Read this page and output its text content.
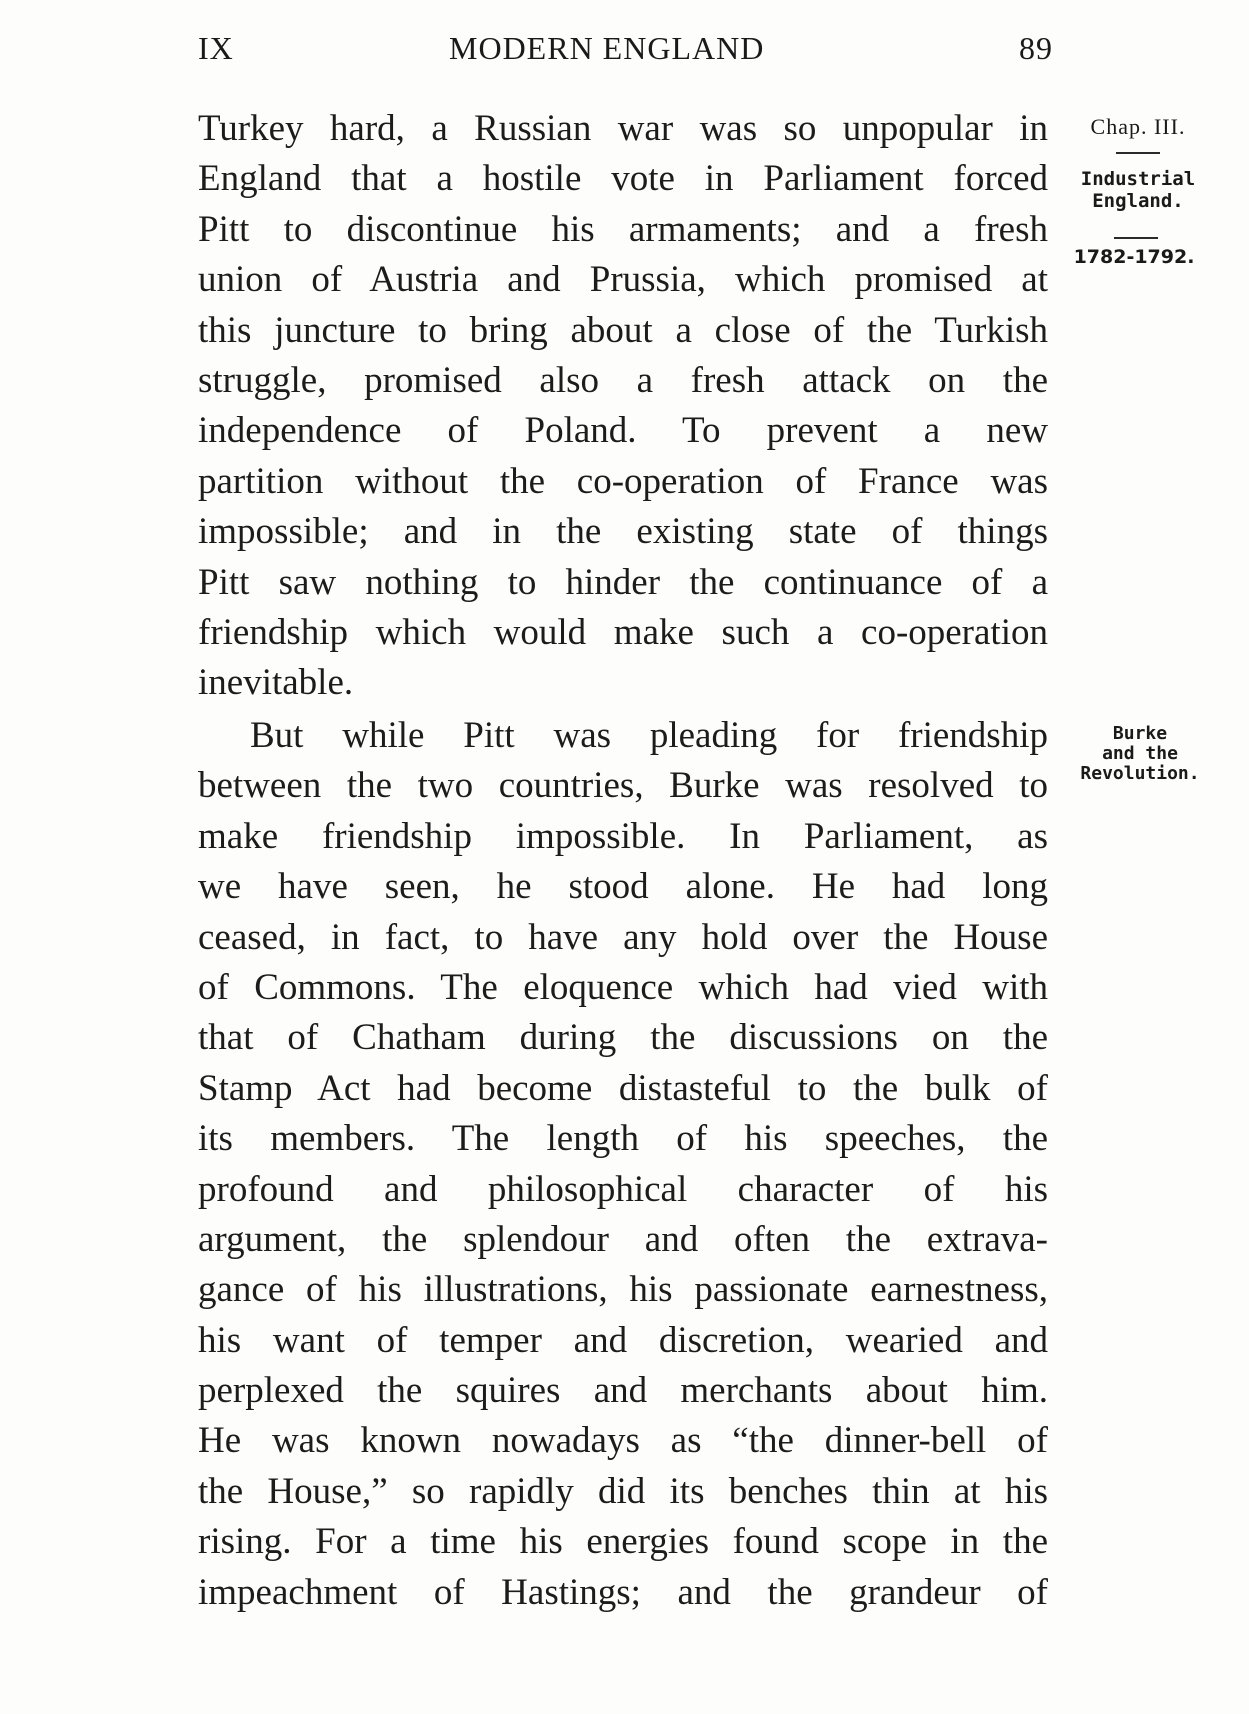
IX	MODERN ENGLAND	89
Turkey hard, a Russian war was so unpopular in
England that a hostile vote in Parliament forced
Pitt to discontinue his armaments; and a fresh
union of Austria and Prussia, which promised at
this juncture to bring about a close of the Turkish
struggle, promised also a fresh attack on the
independence of Poland. To prevent a new
partition without the co-operation of France was
impossible; and in the existing state of things
Pitt saw nothing to hinder the continuance of a
friendship which would make such a co-operation
inevitable.
But while Pitt was pleading for friendship
between the two countries, Burke was resolved to
make friendship impossible. In Parliament, as
we have seen, he stood alone. He had long
ceased, in fact, to have any hold over the House
of Commons. The eloquence which had vied with
that of Chatham during the discussions on the
Stamp Act had become distasteful to the bulk of
its members. The length of his speeches, the
profound and philosophical character of his
argument, the splendour and often the extrava-
gance of his illustrations, his passionate earnestness,
his want of temper and discretion, wearied and
perplexed the squires and merchants about him.
He was known nowadays as “the dinner-bell of
the House,” so rapidly did its benches thin at his
rising. For a time his energies found scope in the
impeachment of Hastings; and the grandeur of
Chap. III.
Industrial
England.
1782-1792.
Burke
and the
Revolution.
